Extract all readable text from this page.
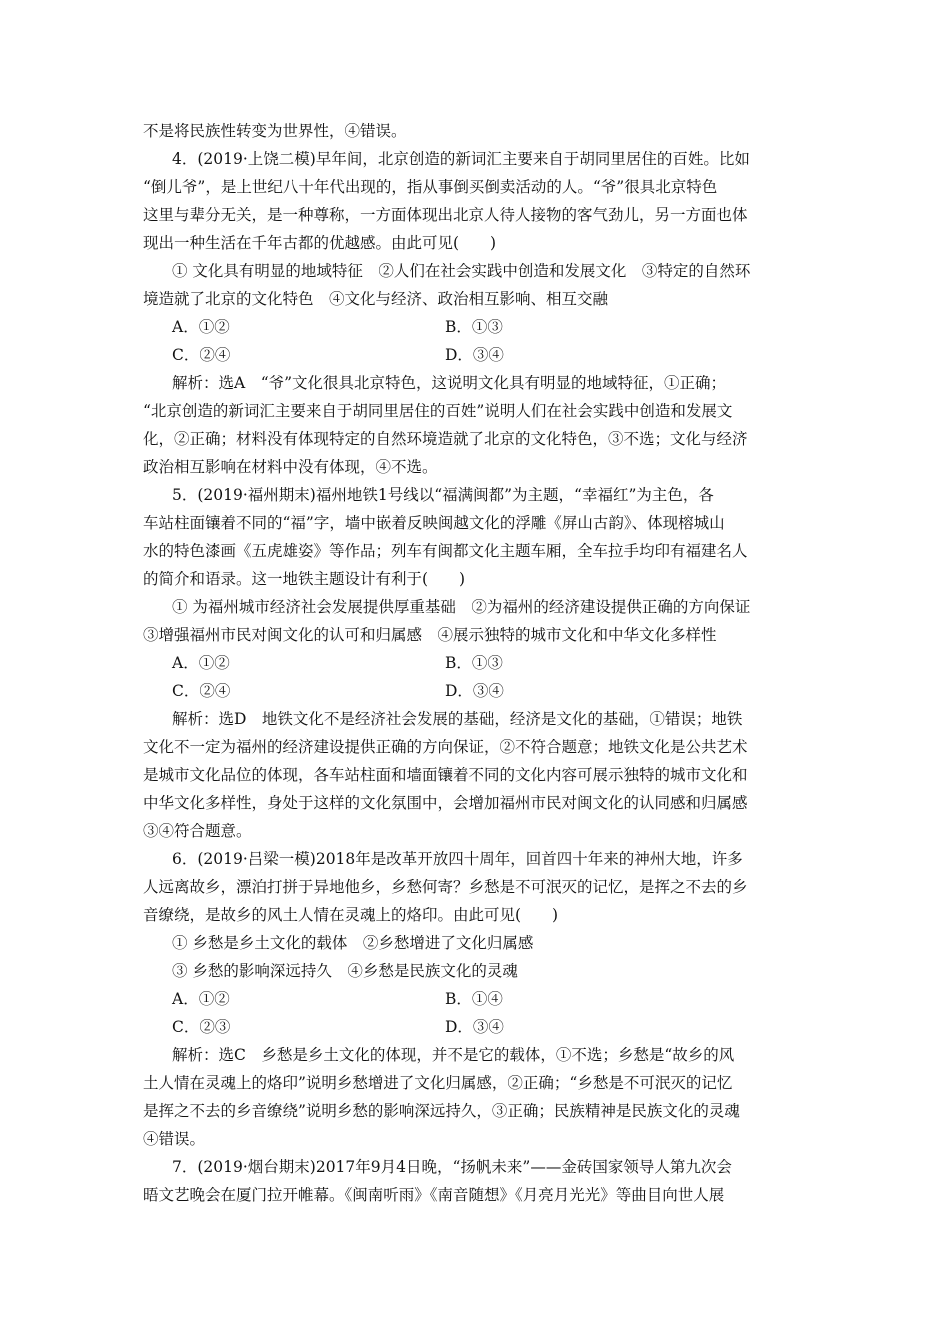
不是将民族性转变为世界性，④错误。
4．(2019·上饶二模)早年间，北京创造的新词汇主要来自于胡同里居住的百姓。比如
“倒儿爷”，是上世纪八十年代出现的，指从事倒买倒卖活动的人。“爷”很具北京特色
这里与辈分无关，是一种尊称，一方面体现出北京人待人接物的客气劲儿，另一方面也体
现出一种生活在千年古都的优越感。由此可见(　　)
① 文化具有明显的地域特征　②人们在社会实践中创造和发展文化　③特定的自然环
境造就了北京的文化特色　④文化与经济、政治相互影响、相互交融
A．①②	B．①③
C．②④	D．③④
解析：选A　“爷”文化很具北京特色，这说明文化具有明显的地域特征，①正确；
“北京创造的新词汇主要来自于胡同里居住的百姓”说明人们在社会实践中创造和发展文
化，②正确；材料没有体现特定的自然环境造就了北京的文化特色，③不选；文化与经济
政治相互影响在材料中没有体现，④不选。
5．(2019·福州期末)福州地铁1号线以“福满闽都”为主题，“幸福红”为主色，各
车站柱面镶着不同的“福”字，墙中嵌着反映闽越文化的浮雕《屏山古韵》、体现榕城山
水的特色漆画《五虎雄姿》等作品；列车有闽都文化主题车厢，全车拉手均印有福建名人
的简介和语录。这一地铁主题设计有利于(　　)
① 为福州城市经济社会发展提供厚重基础　②为福州的经济建设提供正确的方向保证
③增强福州市民对闽文化的认可和归属感　④展示独特的城市文化和中华文化多样性
A．①②	B．①③
C．②④	D．③④
解析：选D　地铁文化不是经济社会发展的基础，经济是文化的基础，①错误；地铁
文化不一定为福州的经济建设提供正确的方向保证，②不符合题意；地铁文化是公共艺术
是城市文化品位的体现，各车站柱面和墙面镶着不同的文化内容可展示独特的城市文化和
中华文化多样性，身处于这样的文化氛围中，会增加福州市民对闽文化的认同感和归属感
③④符合题意。
6．(2019·吕梁一模)2018年是改革开放四十周年，回首四十年来的神州大地，许多
人远离故乡，漂泊打拼于异地他乡，乡愁何寄？乡愁是不可泯灭的记忆，是挥之不去的乡
音缭绕，是故乡的风土人情在灵魂上的烙印。由此可见(　　)
① 乡愁是乡土文化的载体　②乡愁增进了文化归属感
③ 乡愁的影响深远持久　④乡愁是民族文化的灵魂
A．①②	B．①④
C．②③	D．③④
解析：选C　乡愁是乡土文化的体现，并不是它的载体，①不选；乡愁是“故乡的风
土人情在灵魂上的烙印”说明乡愁增进了文化归属感，②正确；“乡愁是不可泯灭的记忆
是挥之不去的乡音缭绕”说明乡愁的影响深远持久，③正确；民族精神是民族文化的灵魂
④错误。
7．(2019·烟台期末)2017年9月4日晚，“扬帆未来”——金砖国家领导人第九次会
晤文艺晚会在厦门拉开帷幕。《闽南听雨》《南音随想》《月亮月光光》等曲目向世人展
